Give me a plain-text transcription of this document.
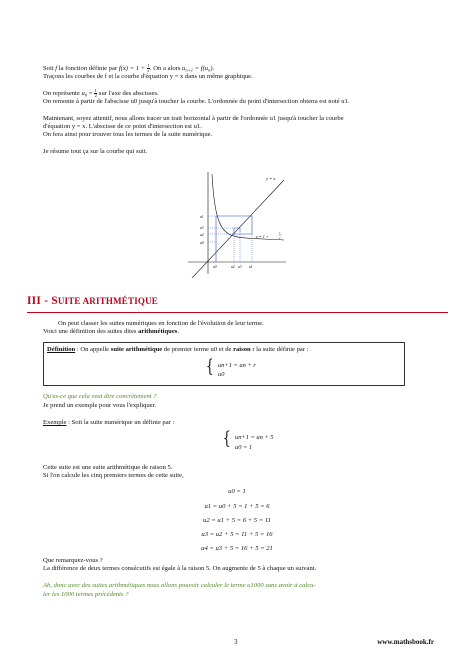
Soit f la fonction définie par $f(x) = 1 + \frac{1}{x}$ . On a alors $u_{n+1} = f(u_n)$.
Traçons les courbes de f et la courbe d'équation y = x dans un même graphique.
On représente $u_0 = \frac{1}{2}$ sur l'axe des abscisses.
On remonte à partir de l'abscisse u0 jusqu'à toucher la courbe. L'ordonnée du point d'intersection obtenu est noté u1.
Maintenant, soyez attentif, nous allons tracer un trait horizontal à partir de l'ordonnée u1 jusqu'à toucher la courbe
d'équation y = x. L'abscisse de ce point d'intersection est u1.
On fera ainsi pour trouver tous les termes de la suite numérique.
Je résume tout ça sur la courbe qui suit.
y = x
y = 1 +
1
x
u1
u3
u2
u0
u0	u2 u3 u1
III - SUITE ARITHMÉTIQUE
On peut classer les suites numériques en fonction de l'évolution de leur terme.
Voici une définition des suites dites arithmétiques.
Définition : On appelle suite arithmétique de premier terme u0 et de raison r la suite définie par :
{ un+1 = un + r
u0
Qu'es-ce que cela veut dire concrètement ?
Je prend un exemple pour vous l'expliquer.
Exemple : Soit la suite numérique un définie par :
{ un+1 = un + 5
u0 = 1
Cette suite est une suite arithmétique de raison 5.
Si l'on calcule les cinq premiers termes de cette suite,
u0 = 1
u1 = u0 + 5 = 1 + 5 = 6
u2 = u1 + 5 = 6 + 5 = 11
u3 = u2 + 5 = 11 + 5 = 16
u4 = u3 + 5 = 16 + 5 = 21
Que remarquez-vous ?
La différence de deux termes consécutifs est égale à la raison 5. On augmente de 5 à chaque un suivant.
Ah, donc avec des suites arithmétiques nous allons pouvoir calculer le terme u1000 sans avoir à calcu-
ler les 1000 termes précédents ?
3	www.mathsbook.fr
